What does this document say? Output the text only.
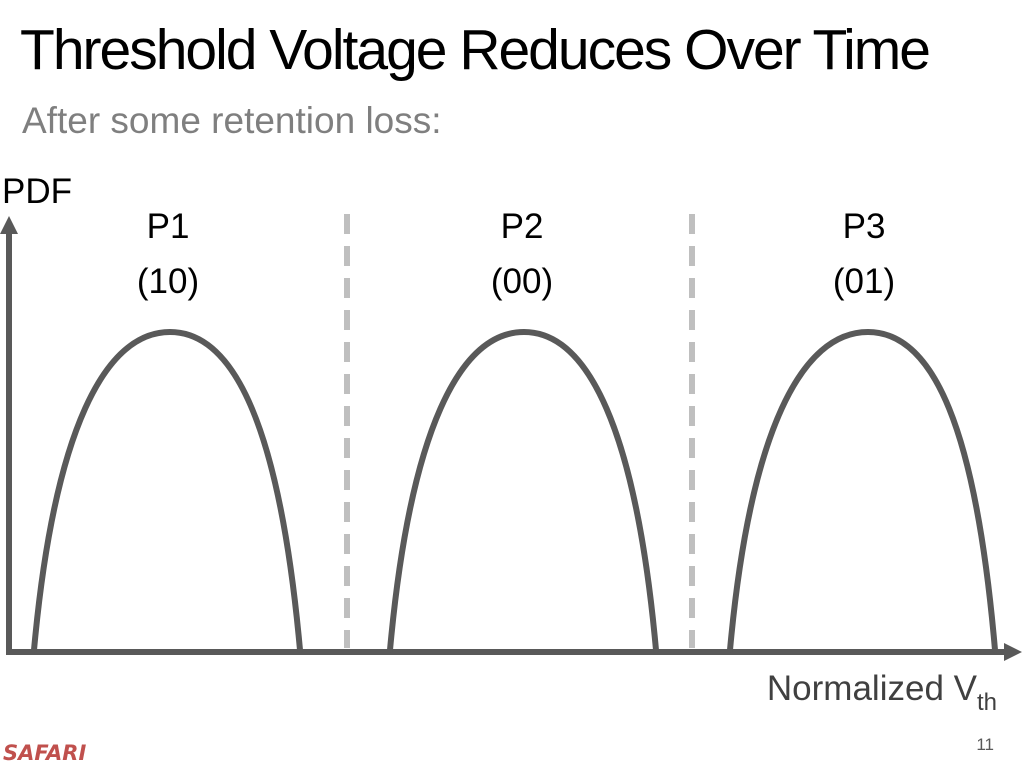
Threshold Voltage Reduces Over Time
After some retention loss:
PDF
P1
(10)
P2
(00)
P3
(01)
Normalized $V_{th}$
SAFARI	11
